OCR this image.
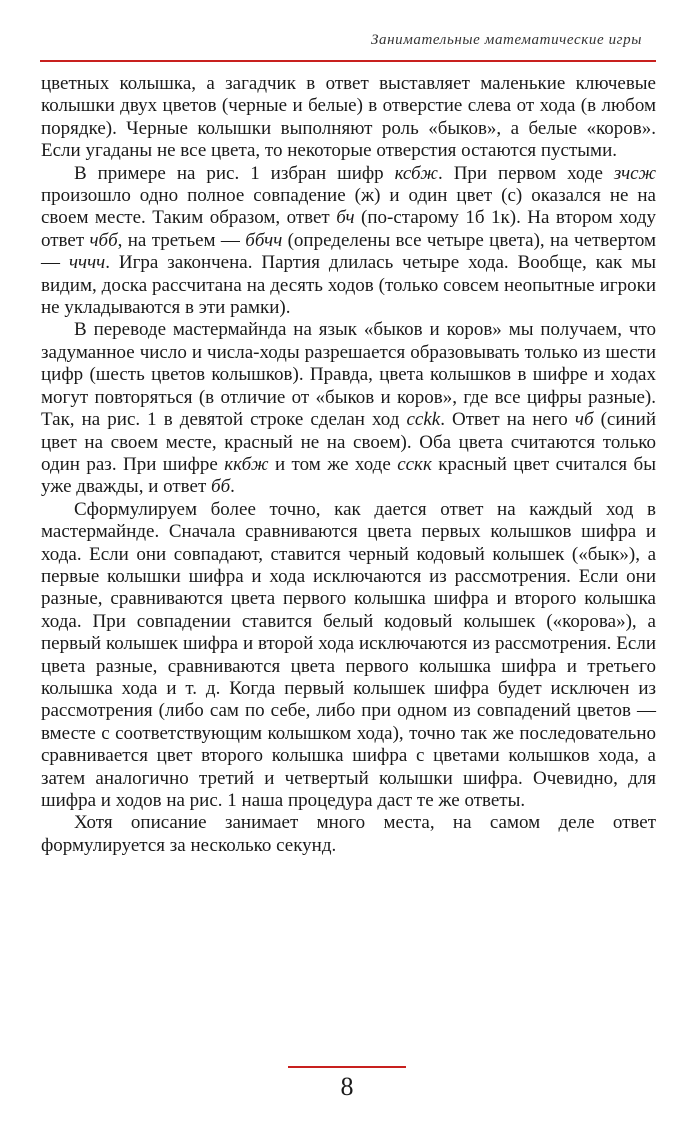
Занимательные математические игры

цветных колышка, а загадчик в ответ выставляет маленькие ключевые колышки двух цветов (черные и белые) в отверстие слева от хода (в любом порядке). Черные колышки выполняют роль «быков», а белые «коров». Если угаданы не все цвета, то некоторые отверстия остаются пустыми.

В примере на рис. 1 избран шифр ксбж. При первом ходе зчсж произошло одно полное совпадение (ж) и один цвет (с) оказался не на своем месте. Таким образом, ответ бч (по-старому 1б 1к). На втором ходу ответ чбб, на третьем — ббчч (определены все четыре цвета), на четвертом — чччч. Игра закончена. Партия длилась четыре хода. Вообще, как мы видим, доска рассчитана на десять ходов (только совсем неопытные игроки не укладываются в эти рамки).

В переводе мастермайнда на язык «быков и коров» мы получаем, что задуманное число и числа-ходы разрешается образовывать только из шести цифр (шесть цветов колышков). Правда, цвета колышков в шифре и ходах могут повторяться (в отличие от «быков и коров», где все цифры разные). Так, на рис. 1 в девятой строке сделан ход ссkk. Ответ на него чб (синий цвет на своем месте, красный не на своем). Оба цвета считаются только один раз. При шифре ккбж и том же ходе сскк красный цвет считался бы уже дважды, и ответ бб.

Сформулируем более точно, как дается ответ на каждый ход в мастермайнде. Сначала сравниваются цвета первых колышков шифра и хода. Если они совпадают, ставится черный кодовый колышек («бык»), а первые колышки шифра и хода исключаются из рассмотрения. Если они разные, сравниваются цвета первого колышка шифра и второго колышка хода. При совпадении ставится белый кодовый колышек («корова»), а первый колышек шифра и второй хода исключаются из рассмотрения. Если цвета разные, сравниваются цвета первого колышка шифра и третьего колышка хода и т. д. Когда первый колышек шифра будет исключен из рассмотрения (либо сам по себе, либо при одном из совпадений цветов — вместе с соответствующим колышком хода), точно так же последовательно сравнивается цвет второго колышка шифра с цветами колышков хода, а затем аналогично третий и четвертый колышки шифра. Очевидно, для шифра и ходов на рис. 1 наша процедура даст те же ответы.

Хотя описание занимает много места, на самом деле ответ формулируется за несколько секунд.

8
